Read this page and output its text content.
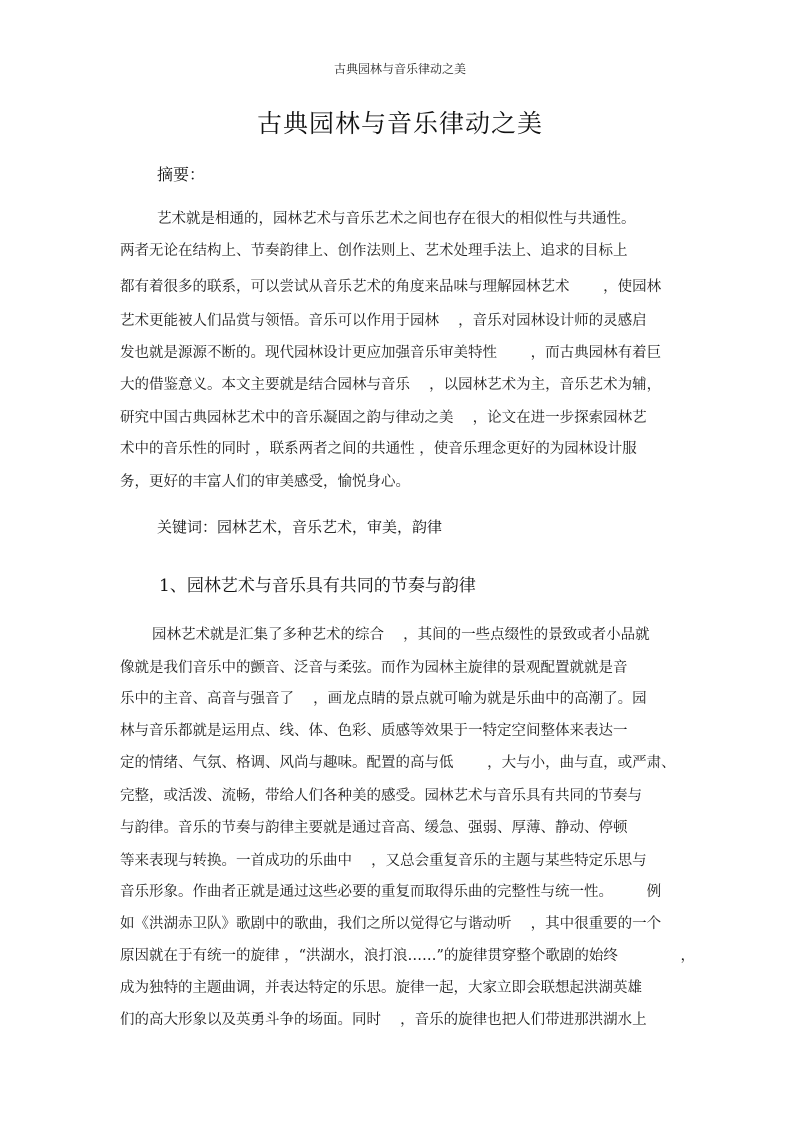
古典园林与音乐律动之美
古典园林与音乐律动之美
摘要：
艺术就是相通的，园林艺术与音乐艺术之间也存在很大的相似性与共通性。
两者无论在结构上、节奏韵律上、创作法则上、艺术处理手法上、追求的目标上
都有着很多的联系，可以尝试从音乐艺术的角度来品味与理解园林艺术 　　，使园林
艺术更能被人们品赏与领悟。音乐可以作用于园林 　，音乐对园林设计师的灵感启
发也就是源源不断的。现代园林设计更应加强音乐审美特性 　　，而古典园林有着巨
大的借鉴意义。本文主要就是结合园林与音乐 　，以园林艺术为主，音乐艺术为辅，
研究中国古典园林艺术中的音乐凝固之韵与律动之美 　，论文在进一步探索园林艺
术中的音乐性的同时 ，联系两者之间的共通性 ，使音乐理念更好的为园林设计服
务，更好的丰富人们的审美感受，愉悦身心。
关键词：园林艺术，音乐艺术，审美，韵律
1、园林艺术与音乐具有共同的节奏与韵律
园林艺术就是汇集了多种艺术的综合 　，其间的一些点缀性的景致或者小品就
像就是我们音乐中的颤音、泛音与柔弦。而作为园林主旋律的景观配置就就是音
乐中的主音、高音与强音了 　，画龙点睛的景点就可喻为就是乐曲中的高潮了。园
林与音乐都就是运用点、线、体、色彩、质感等效果于一特定空间整体来表达一
定的情绪、气氛、格调、风尚与趣味。配置的高与低 　　，大与小，曲与直，或严肃、
完整，或活泼、流畅，带给人们各种美的感受。园林艺术与音乐具有共同的节奏与
与韵律。音乐的节奏与韵律主要就是通过音高、缓急、强弱、厚薄、静动、停顿
等来表现与转换。一首成功的乐曲中 　，又总会重复音乐的主题与某些特定乐思与
音乐形象。作曲者正就是通过这些必要的重复而取得乐曲的完整性与统一性。 　　例
如《洪湖赤卫队》歌剧中的歌曲，我们之所以觉得它与谐动听 　，其中很重要的一个
原因就在于有统一的旋律 ，“洪湖水，浪打浪……”的旋律贯穿整个歌剧的始终 　　　　，
成为独特的主题曲调，并表达特定的乐思。旋律一起，大家立即会联想起洪湖英雄
们的高大形象以及英勇斗争的场面。同时 　，音乐的旋律也把人们带进那洪湖水上
